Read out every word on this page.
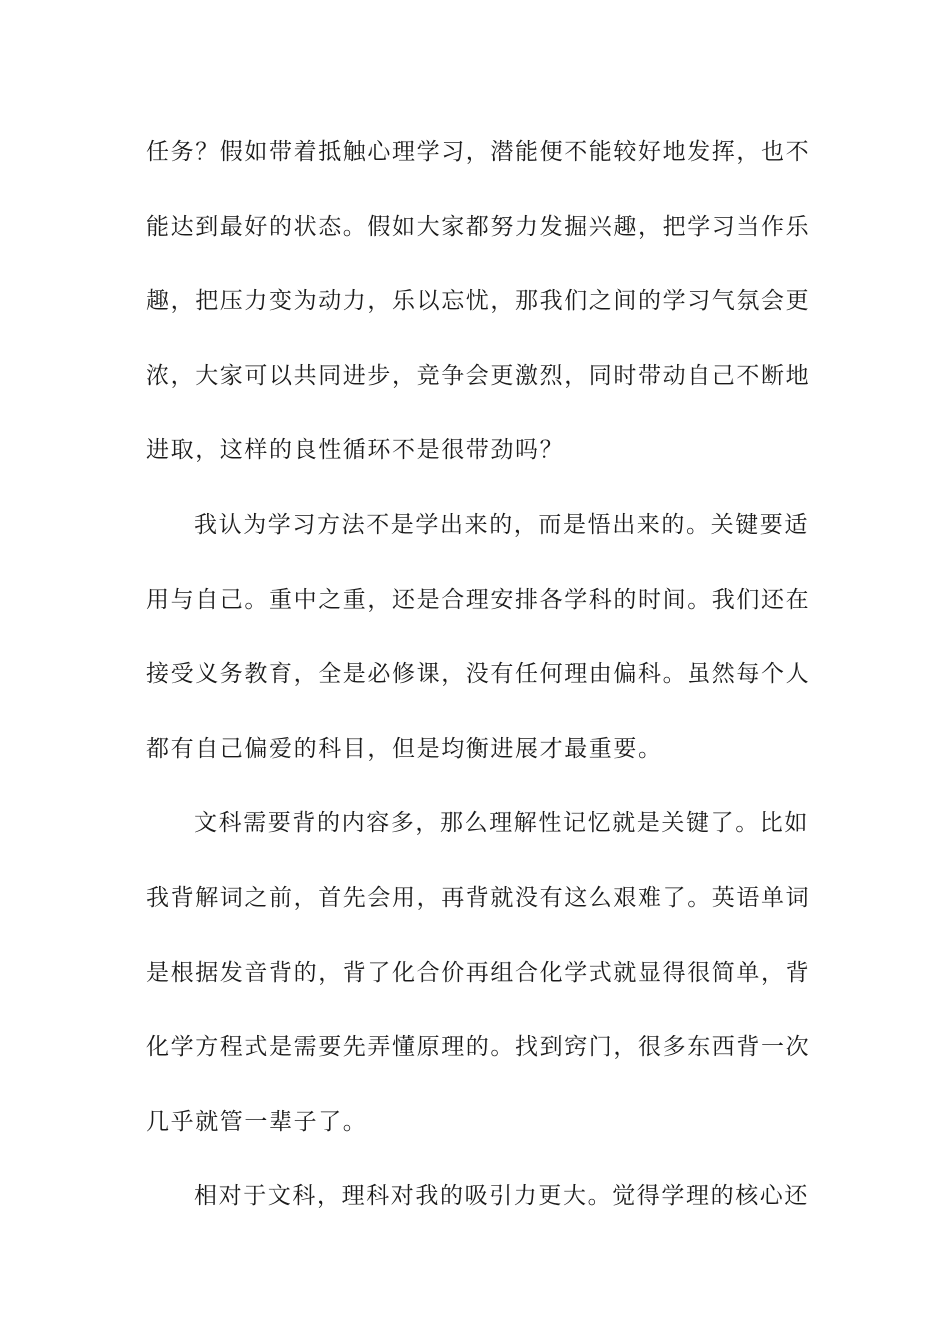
任务？假如带着抵触心理学习，潜能便不能较好地发挥，也不
能达到最好的状态。假如大家都努力发掘兴趣，把学习当作乐
趣，把压力变为动力，乐以忘忧，那我们之间的学习气氛会更
浓，大家可以共同进步，竞争会更激烈，同时带动自己不断地
进取，这样的良性循环不是很带劲吗？
我认为学习方法不是学出来的，而是悟出来的。关键要适
用与自己。重中之重，还是合理安排各学科的时间。我们还在
接受义务教育，全是必修课，没有任何理由偏科。虽然每个人
都有自己偏爱的科目，但是均衡进展才最重要。
文科需要背的内容多，那么理解性记忆就是关键了。比如
我背解词之前，首先会用，再背就没有这么艰难了。英语单词
是根据发音背的，背了化合价再组合化学式就显得很简单，背
化学方程式是需要先弄懂原理的。找到窍门，很多东西背一次
几乎就管一辈子了。
相对于文科，理科对我的吸引力更大。觉得学理的核心还
